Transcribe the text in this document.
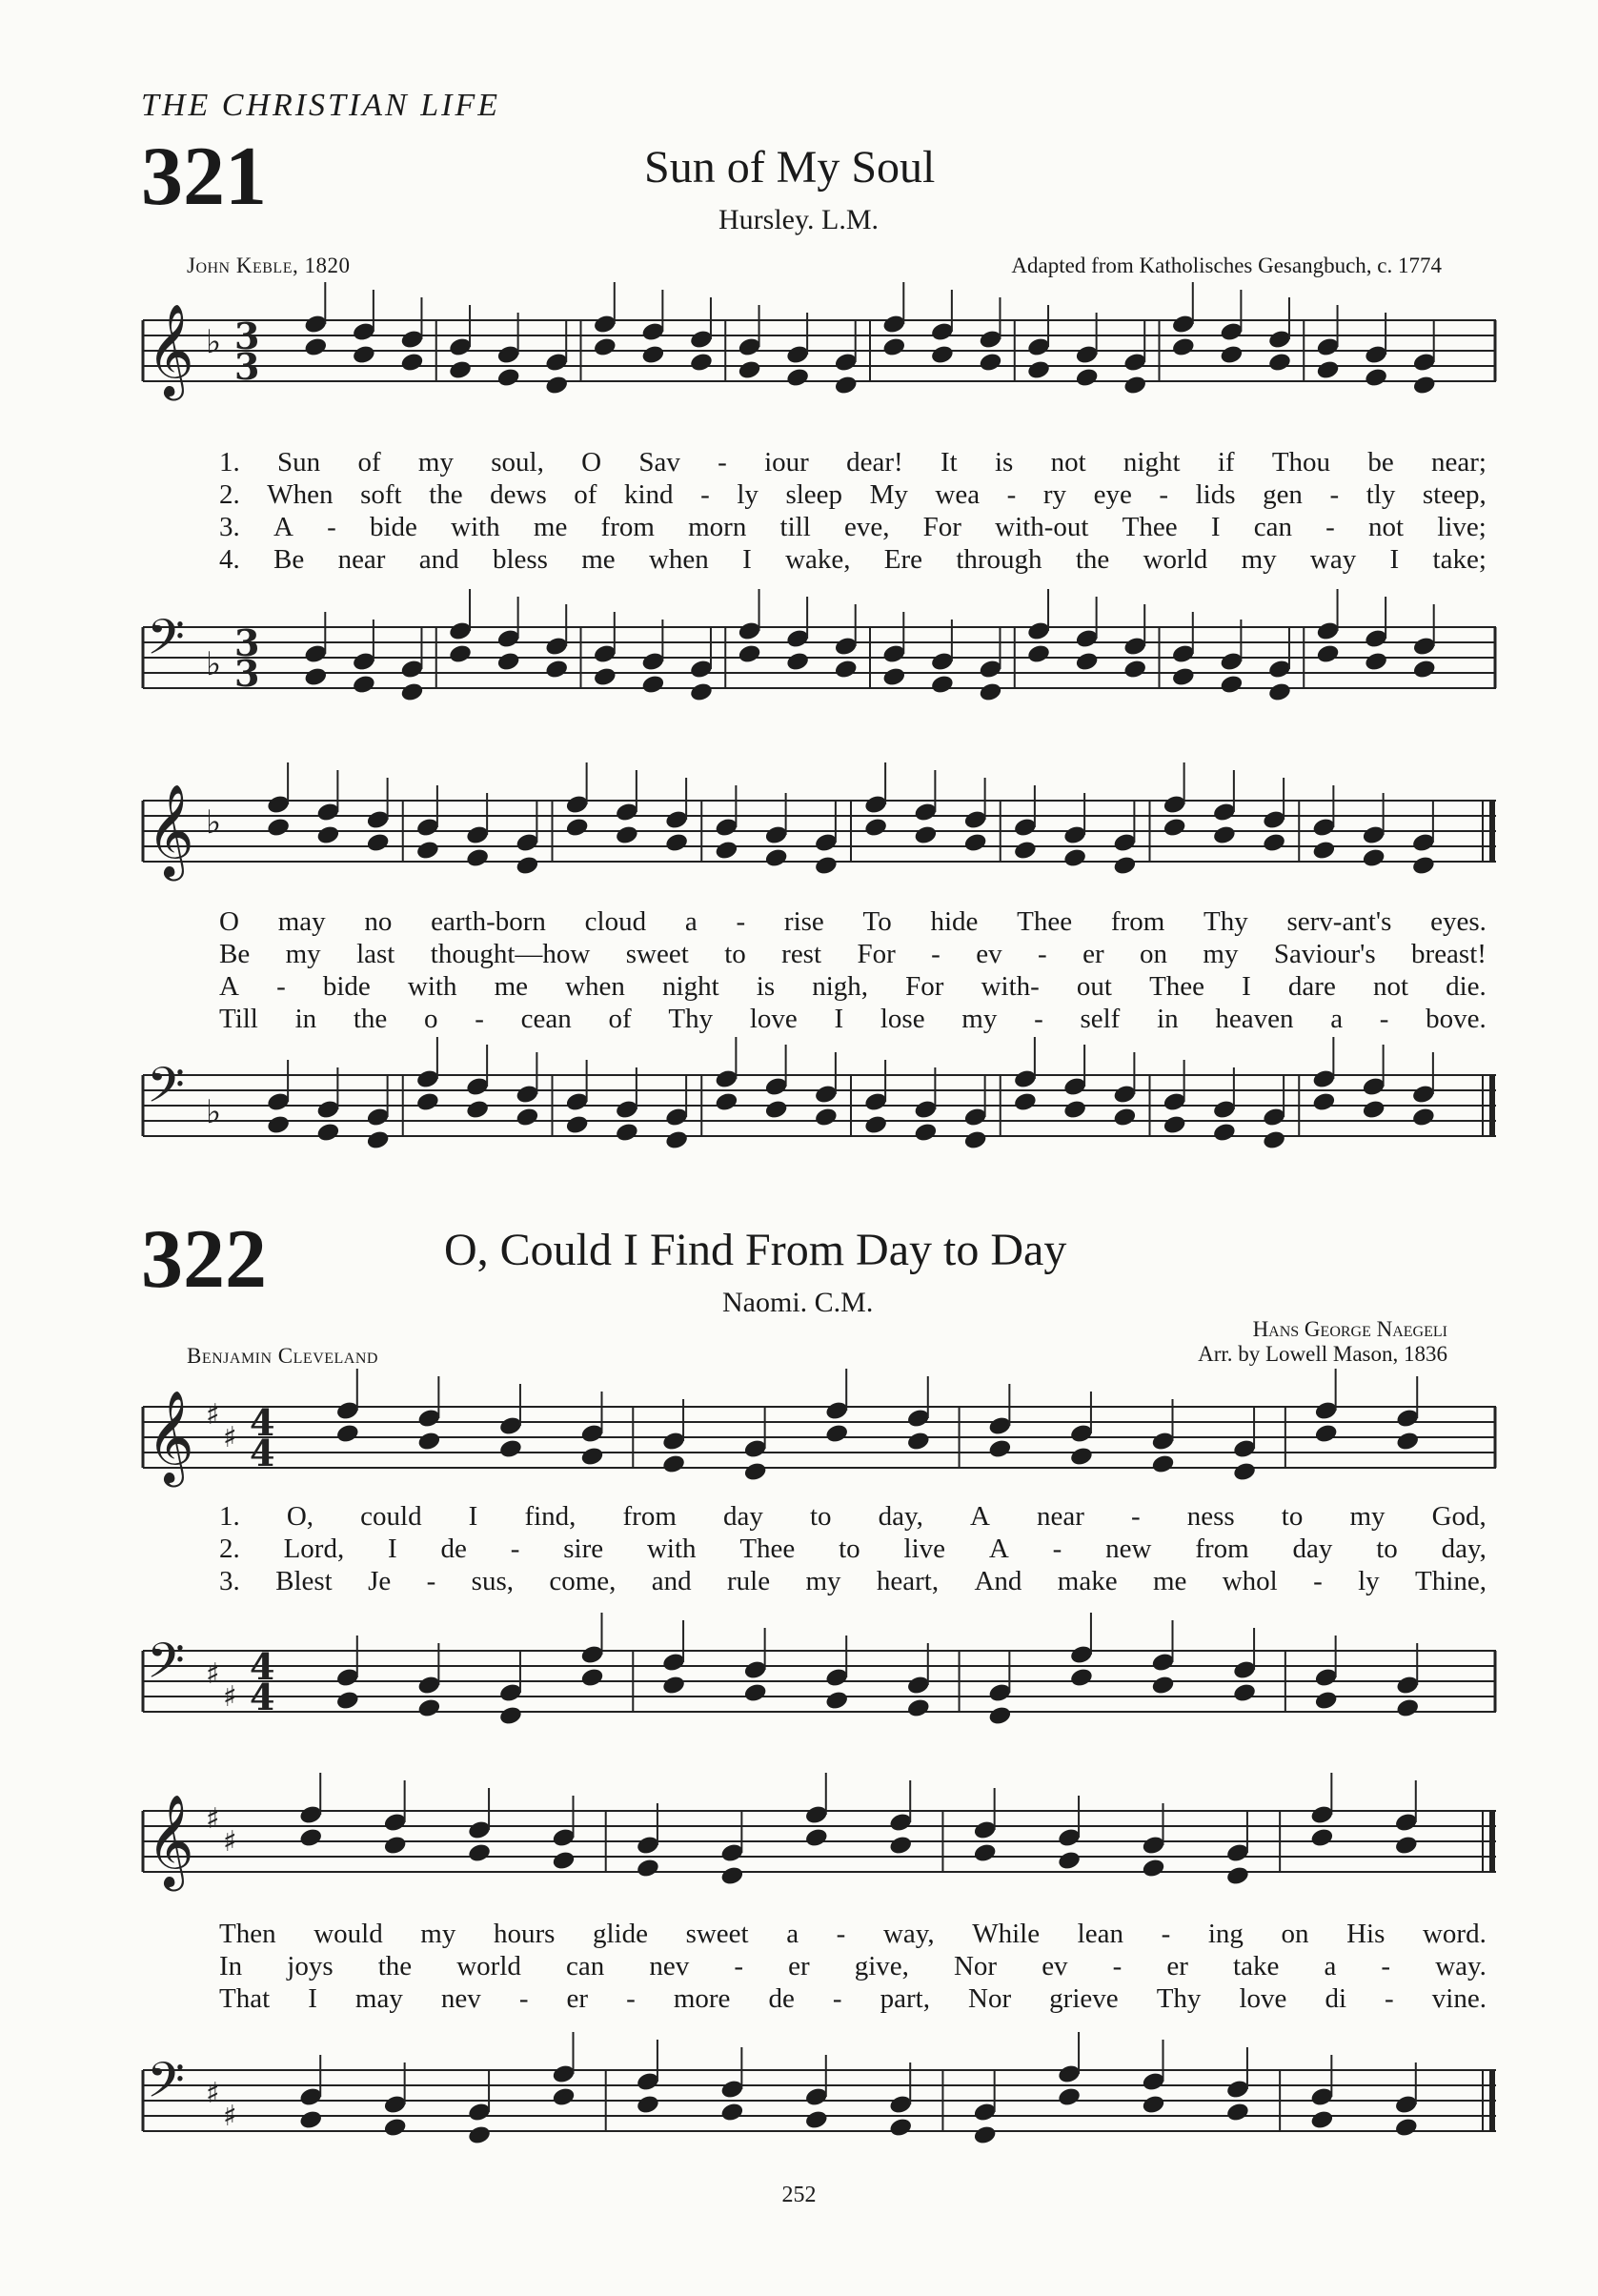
THE CHRISTIAN LIFE
321	Sun of My Soul
Hursley. L.M.
John Keble, 1820	Adapted from Katholisches Gesangbuch, c. 1774
𝄞 ♭ 3
3
1. Sun of my soul, O Sav - iour dear! It is not night if Thou be near;
2. When soft the dews of kind - ly sleep My wea - ry eye - lids gen - tly steep,
3. A - bide with me from morn till eve, For with-out Thee I can - not live;
4. Be near and bless me when I wake, Ere through the world my way I take;
𝄢 ♭ 3
3
𝄞 ♭
O may no earth-born cloud a - rise To hide Thee from Thy serv-ant's eyes.
Be my last thought—how sweet to rest For - ev - er on my Saviour's breast!
A - bide with me when night is nigh, For with- out Thee I dare not die.
Till in the o - cean of Thy love I lose my - self in heaven a - bove.
𝄢 ♭
322	O, Could I Find From Day to Day
Naomi. C.M.
Hans George Naegeli
Benjamin Cleveland	Arr. by Lowell Mason, 1836
𝄞 ♯
♯ 4
4
1. O, could I find, from day to day, A near - ness to my God,
2. Lord, I de - sire with Thee to live A - new from day to day,
3. Blest Je - sus, come, and rule my heart, And make me whol - ly Thine,
𝄢 ♯
♯
4
4
𝄞 ♯
♯
Then would my hours glide sweet a - way, While lean - ing on His word.
In joys the world can nev - er give, Nor ev - er take a - way.
That I may nev - er - more de - part, Nor grieve Thy love di - vine.
𝄢 ♯
♯
252
